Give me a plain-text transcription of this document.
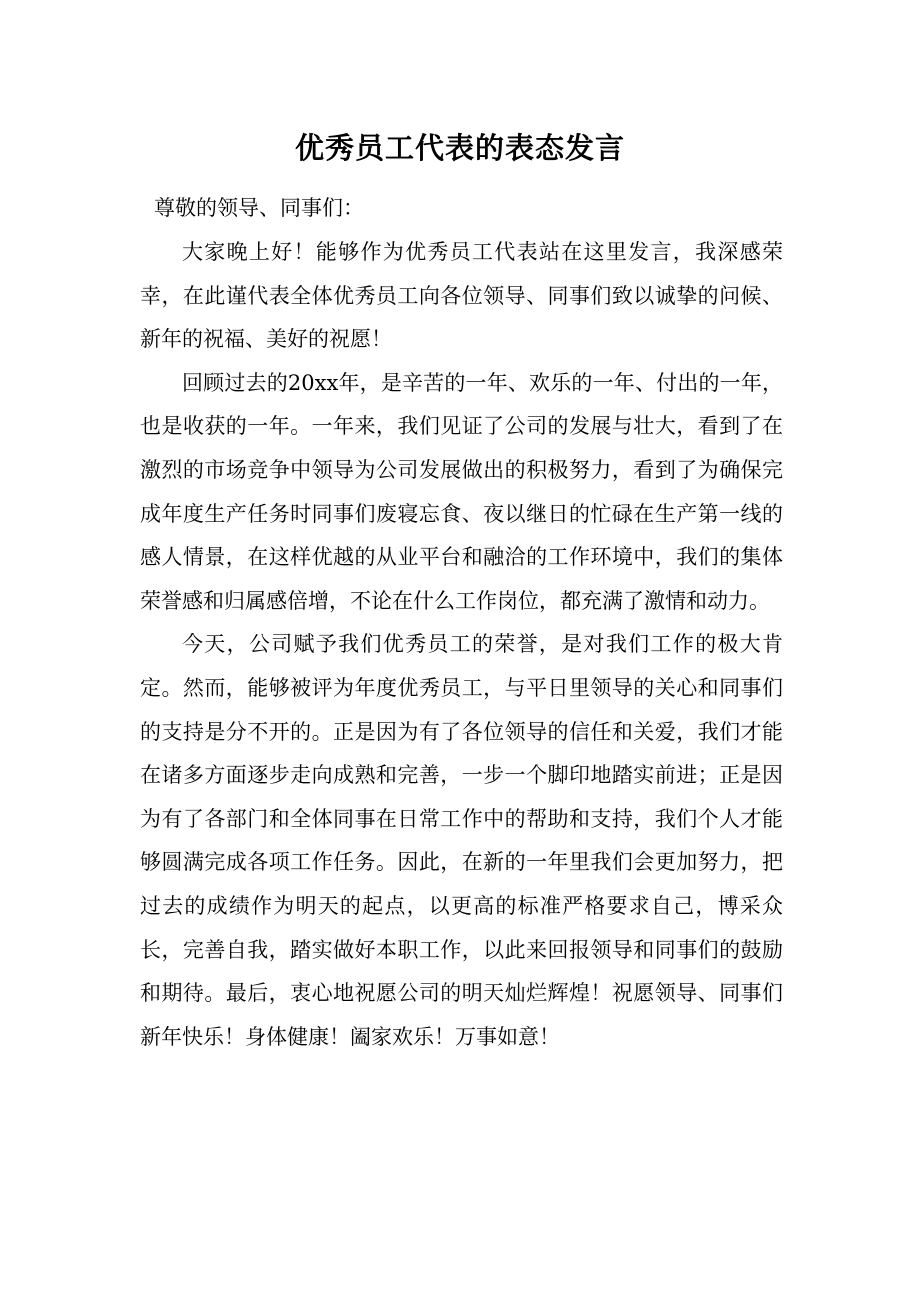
优秀员工代表的表态发言

尊敬的领导、同事们：

大家晚上好！能够作为优秀员工代表站在这里发言，我深感荣幸，在此谨代表全体优秀员工向各位领导、同事们致以诚挚的问候、新年的祝福、美好的祝愿！

回顾过去的20xx年，是辛苦的一年、欢乐的一年、付出的一年，也是收获的一年。一年来，我们见证了公司的发展与壮大，看到了在激烈的市场竞争中领导为公司发展做出的积极努力，看到了为确保完成年度生产任务时同事们废寝忘食、夜以继日的忙碌在生产第一线的感人情景，在这样优越的从业平台和融洽的工作环境中，我们的集体荣誉感和归属感倍增，不论在什么工作岗位，都充满了激情和动力。

今天，公司赋予我们优秀员工的荣誉，是对我们工作的极大肯定。然而，能够被评为年度优秀员工，与平日里领导的关心和同事们的支持是分不开的。正是因为有了各位领导的信任和关爱，我们才能在诸多方面逐步走向成熟和完善，一步一个脚印地踏实前进；正是因为有了各部门和全体同事在日常工作中的帮助和支持，我们个人才能够圆满完成各项工作任务。因此，在新的一年里我们会更加努力，把过去的成绩作为明天的起点，以更高的标准严格要求自己，博采众长，完善自我，踏实做好本职工作，以此来回报领导和同事们的鼓励和期待。最后，衷心地祝愿公司的明天灿烂辉煌！祝愿领导、同事们新年快乐！身体健康！阖家欢乐！万事如意！
